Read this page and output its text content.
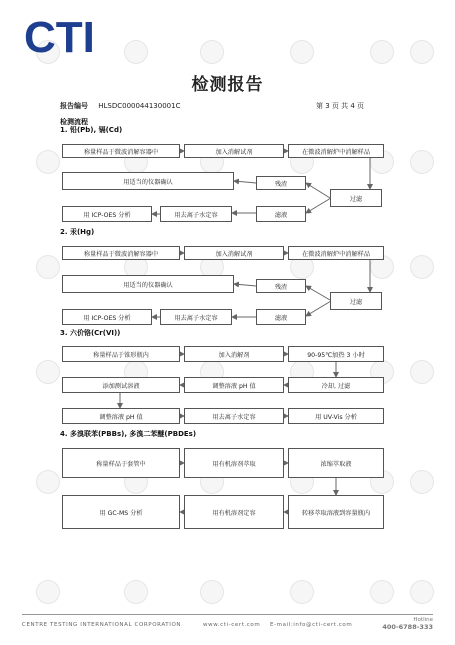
CTI
检测报告
报告编号 HLSDC000044130001C	第 3 页 共 4 页
检测流程
1. 铅(Pb), 镉(Cd)
2. 汞(Hg)
3. 六价铬(Cr(VI))
4. 多溴联苯(PBBs), 多溴二苯醚(PBDEs)
称量样品于微波消解容器中	加入消解试剂	在微波消解炉中消解样品
用适当的仪器确认	残渣
过滤
用 ICP-OES 分析	用去离子水定容	滤液
称量样品于微波消解容器中	加入消解试剂	在微波消解炉中消解样品
用适当的仪器确认	残渣
过滤
用 ICP-OES 分析	用去离子水定容	滤液
称量样品于锥形瓶内	加入消解剂	90-95℃加热 3 小时
添加测试溶液	调整溶液 pH 值	冷却, 过滤
调整溶液 pH 值	用去离子水定容	用 UV-Vis 分析
称量样品于套管中	用有机溶剂萃取	浓缩萃取液
用 GC-MS 分析	用有机溶剂定容	转移萃取溶液到容量瓶内
CENTRE TESTING INTERNATIONAL CORPORATION	www.cti-cert.com E-mail:info@cti-cert.com
Hotline
400-6788-333
